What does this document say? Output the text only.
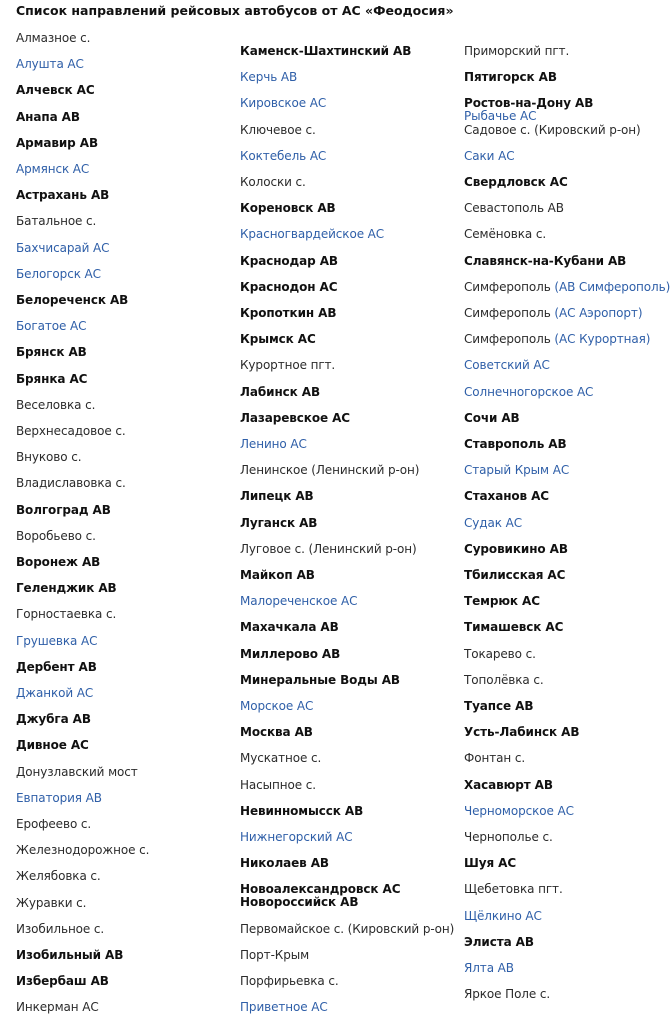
Список направлений рейсовых автобусов от АС «Феодосия»
Алмазное с.
Алушта АС
Алчевск АС
Анапа АВ
Армавир АВ
Армянск АС
Астрахань АВ
Батальное с.
Бахчисарай АС
Белогорск АС
Белореченск АВ
Богатое АС
Брянск АВ
Брянка АС
Веселовка с.
Верхнесадовое с.
Внуково с.
Владиславовка с.
Волгоград АВ
Воробьево с.
Воронеж АВ
Геленджик АВ
Горностаевка с.
Грушевка АС
Дербент АВ
Джанкой АС
Джубга АВ
Дивное АС
Донузлавский мост
Евпатория АВ
Ерофеево с.
Железнодорожное с.
Желябовка с.
Журавки с.
Изобильное с.
Изобильный АВ
Избербаш АВ
Инкерман АС
Каменск-Шахтинский АВ
Керчь АВ
Кировское АС
Ключевое с.
Коктебель АС
Колоски с.
Кореновск АВ
Красногвардейское АС
Краснодар АВ
Краснодон АС
Кропоткин АВ
Крымск АС
Курортное пгт.
Лабинск АВ
Лазаревское АС
Ленино АС
Ленинское (Ленинский р-он)
Липецк АВ
Луганск АВ
Луговое с. (Ленинский р-он)
Майкоп АВ
Малореченское АС
Махачкала АВ
Миллерово АВ
Минеральные Воды АВ
Морское АС
Москва АВ
Мускатное с.
Насыпное с.
Невинномысск АВ
Нижнегорский АС
Николаев АВ
Новоалександровск АС
Новороссийск АВ
Первомайское с. (Кировский р-он)
Порт-Крым
Порфирьевка с.
Приветное АС
Приморский пгт.
Пятигорск АВ
Ростов-на-Дону АВ
Рыбачье АС
Садовое с. (Кировский р-он)
Саки АС
Свердловск АС
Севастополь АВ
Семёновка с.
Славянск-на-Кубани АВ
Симферополь (АВ Симферополь)
Симферополь (АС Аэропорт)
Симферополь (АС Курортная)
Советский АС
Солнечногорское АС
Сочи АВ
Ставрополь АВ
Старый Крым АС
Стаханов АС
Судак АС
Суровикино АВ
Тбилисская АС
Темрюк АС
Тимашевск АС
Токарево с.
Тополёвка с.
Туапсе АВ
Усть-Лабинск АВ
Фонтан с.
Хасавюрт АВ
Черноморское АС
Чернополье с.
Шуя АС
Щебетовка пгт.
Щёлкино АС
Элиста АВ
Ялта АВ
Яркое Поле с.
